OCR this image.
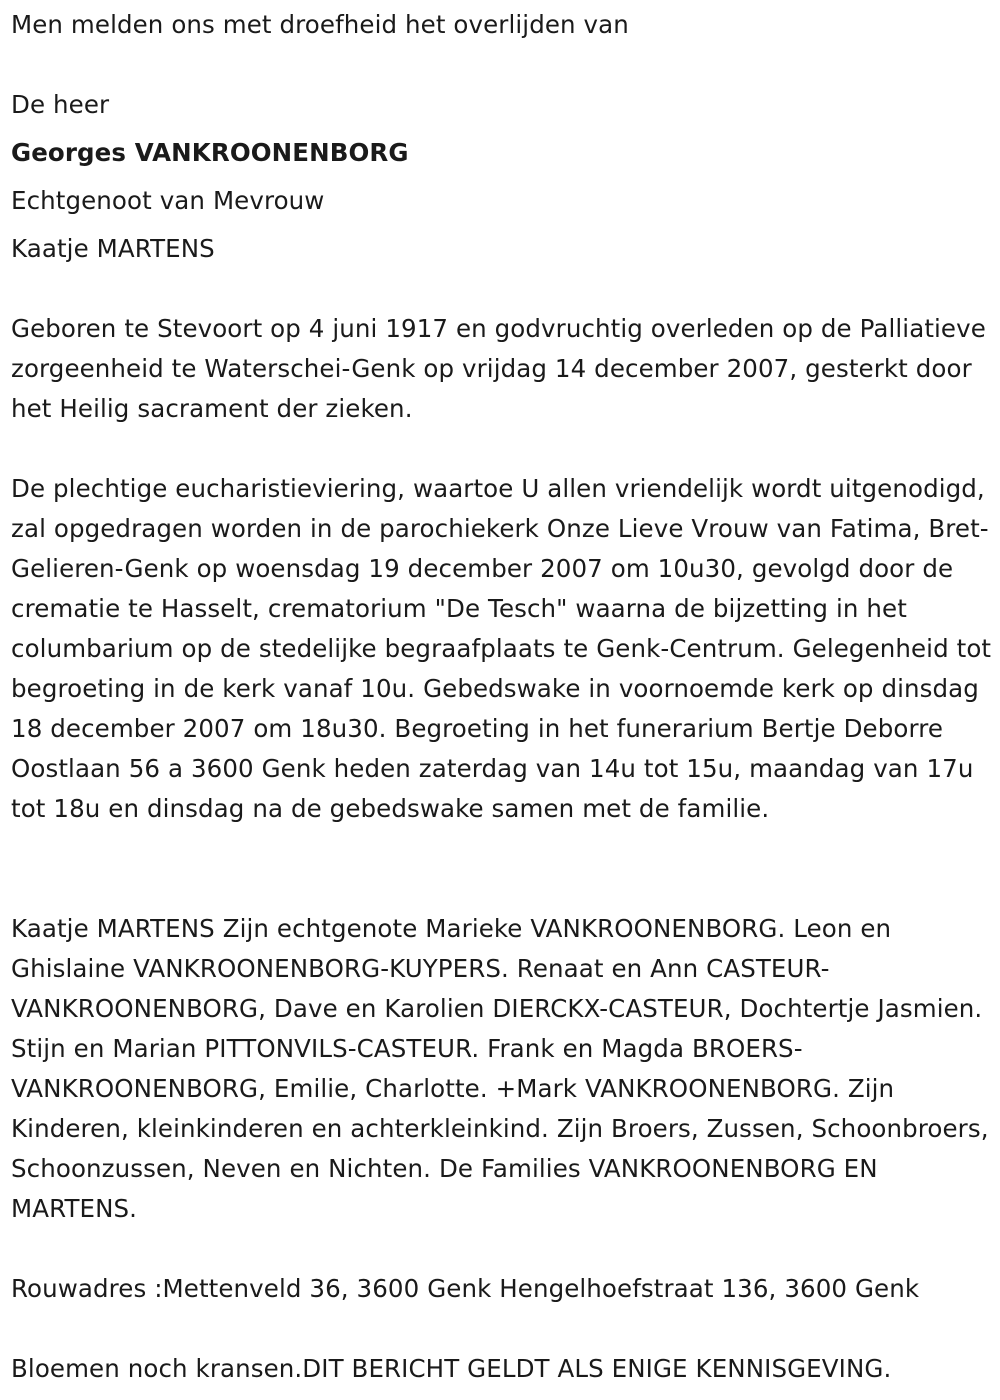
Men melden ons met droefheid het overlijden van
De heer
Georges VANKROONENBORG
Echtgenoot van Mevrouw
Kaatje MARTENS
Geboren te Stevoort op 4 juni 1917 en godvruchtig overleden op de Palliatieve zorgeenheid te Waterschei-Genk op vrijdag 14 december 2007, gesterkt door het Heilig sacrament der zieken.
De plechtige eucharistieviering, waartoe U allen vriendelijk wordt uitgenodigd, zal opgedragen worden in de parochiekerk Onze Lieve Vrouw van Fatima, Bret-Gelieren-Genk op woensdag 19 december 2007 om 10u30, gevolgd door de crematie te Hasselt, crematorium "De Tesch" waarna de bijzetting in het columbarium op de stedelijke begraafplaats te Genk-Centrum. Gelegenheid tot begroeting in de kerk vanaf 10u. Gebedswake in voornoemde kerk op dinsdag 18 december 2007 om 18u30. Begroeting in het funerarium Bertje Deborre Oostlaan 56 a 3600 Genk heden zaterdag van 14u tot 15u, maandag van 17u tot 18u en dinsdag na de gebedswake samen met de familie.
Kaatje MARTENS Zijn echtgenote Marieke VANKROONENBORG. Leon en Ghislaine VANKROONENBORG-KUYPERS. Renaat en Ann CASTEUR-VANKROONENBORG, Dave en Karolien DIERCKX-CASTEUR, Dochtertje Jasmien. Stijn en Marian PITTONVILS-CASTEUR. Frank en Magda BROERS-VANKROONENBORG, Emilie, Charlotte. +Mark VANKROONENBORG. Zijn Kinderen, kleinkinderen en achterkleinkind. Zijn Broers, Zussen, Schoonbroers, Schoonzussen, Neven en Nichten. De Families VANKROONENBORG EN MARTENS.
Rouwadres :Mettenveld 36, 3600 Genk Hengelhoefstraat 136, 3600 Genk
Bloemen noch kransen.DIT BERICHT GELDT ALS ENIGE KENNISGEVING.
